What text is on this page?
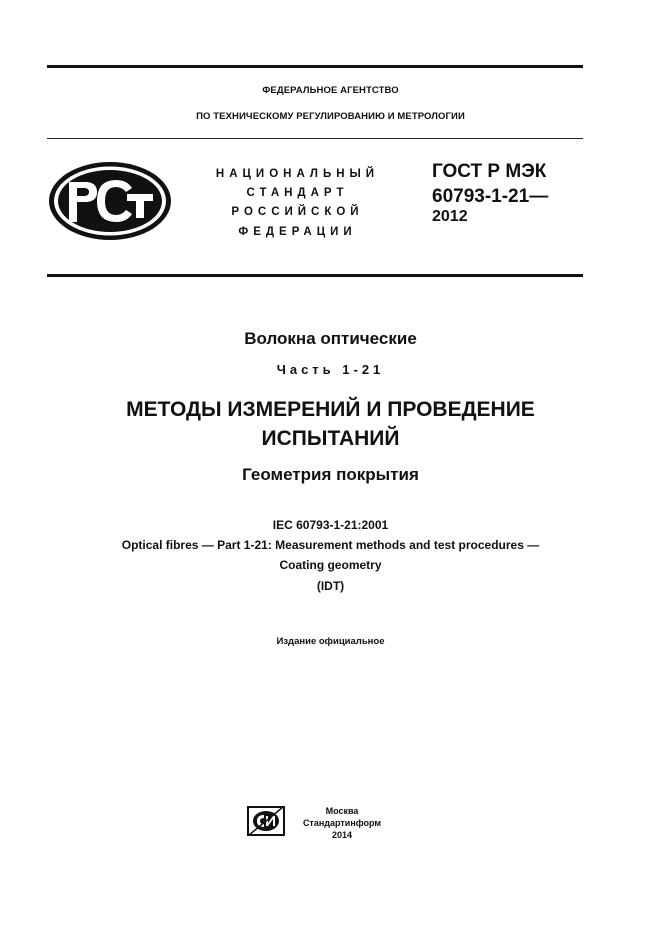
ФЕДЕРАЛЬНОЕ АГЕНТСТВО
ПО ТЕХНИЧЕСКОМУ РЕГУЛИРОВАНИЮ И МЕТРОЛОГИИ
НАЦИОНАЛЬНЫЙ
СТАНДАРТ
РОССИЙСКОЙ
ФЕДЕРАЦИИ
ГОСТ Р МЭК
60793-1-21—
2012
Волокна оптические
Часть 1-21
МЕТОДЫ ИЗМЕРЕНИЙ И ПРОВЕДЕНИЕ
ИСПЫТАНИЙ
Геометрия покрытия
IEC 60793-1-21:2001
Optical fibres — Part 1-21: Measurement methods and test procedures —
Coating geometry
(IDT)
Издание официальное
Москва
Стандартинформ
2014
